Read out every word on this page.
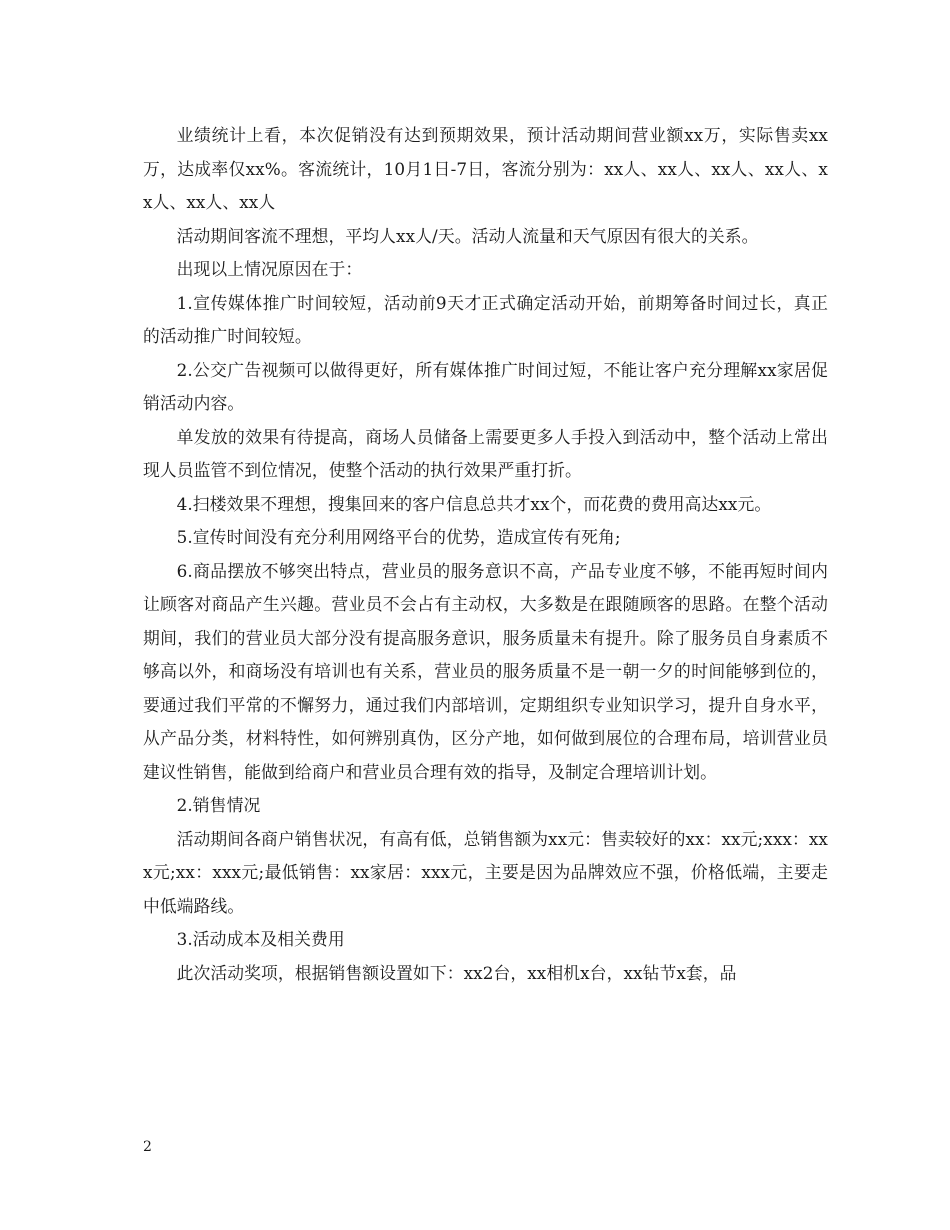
业绩统计上看，本次促销没有达到预期效果，预计活动期间营业额xx万，实际售卖xx万，达成率仅xx%。客流统计，10月1日-7日，客流分别为：xx人、xx人、xx人、xx人、xx人、xx人、xx人

活动期间客流不理想，平均人xx人/天。活动人流量和天气原因有很大的关系。

出现以上情况原因在于：

1.宣传媒体推广时间较短，活动前9天才正式确定活动开始，前期筹备时间过长，真正的活动推广时间较短。

2.公交广告视频可以做得更好，所有媒体推广时间过短，不能让客户充分理解xx家居促销活动内容。

单发放的效果有待提高，商场人员储备上需要更多人手投入到活动中，整个活动上常出现人员监管不到位情况，使整个活动的执行效果严重打折。

4.扫楼效果不理想，搜集回来的客户信息总共才xx个，而花费的费用高达xx元。

5.宣传时间没有充分利用网络平台的优势，造成宣传有死角;

6.商品摆放不够突出特点，营业员的服务意识不高，产品专业度不够，不能再短时间内让顾客对商品产生兴趣。营业员不会占有主动权，大多数是在跟随顾客的思路。在整个活动期间，我们的营业员大部分没有提高服务意识，服务质量未有提升。除了服务员自身素质不够高以外，和商场没有培训也有关系，营业员的服务质量不是一朝一夕的时间能够到位的，要通过我们平常的不懈努力，通过我们内部培训，定期组织专业知识学习，提升自身水平，从产品分类，材料特性，如何辨别真伪，区分产地，如何做到展位的合理布局，培训营业员建议性销售，能做到给商户和营业员合理有效的指导，及制定合理培训计划。

2.销售情况

活动期间各商户销售状况，有高有低，总销售额为xx元：售卖较好的xx：xx元;xxx：xxx元;xx：xxx元;最低销售：xx家居：xxx元，主要是因为品牌效应不强，价格低端，主要走中低端路线。

3.活动成本及相关费用

此次活动奖项，根据销售额设置如下：xx2台，xx相机x台，xx钻节x套，品

2
